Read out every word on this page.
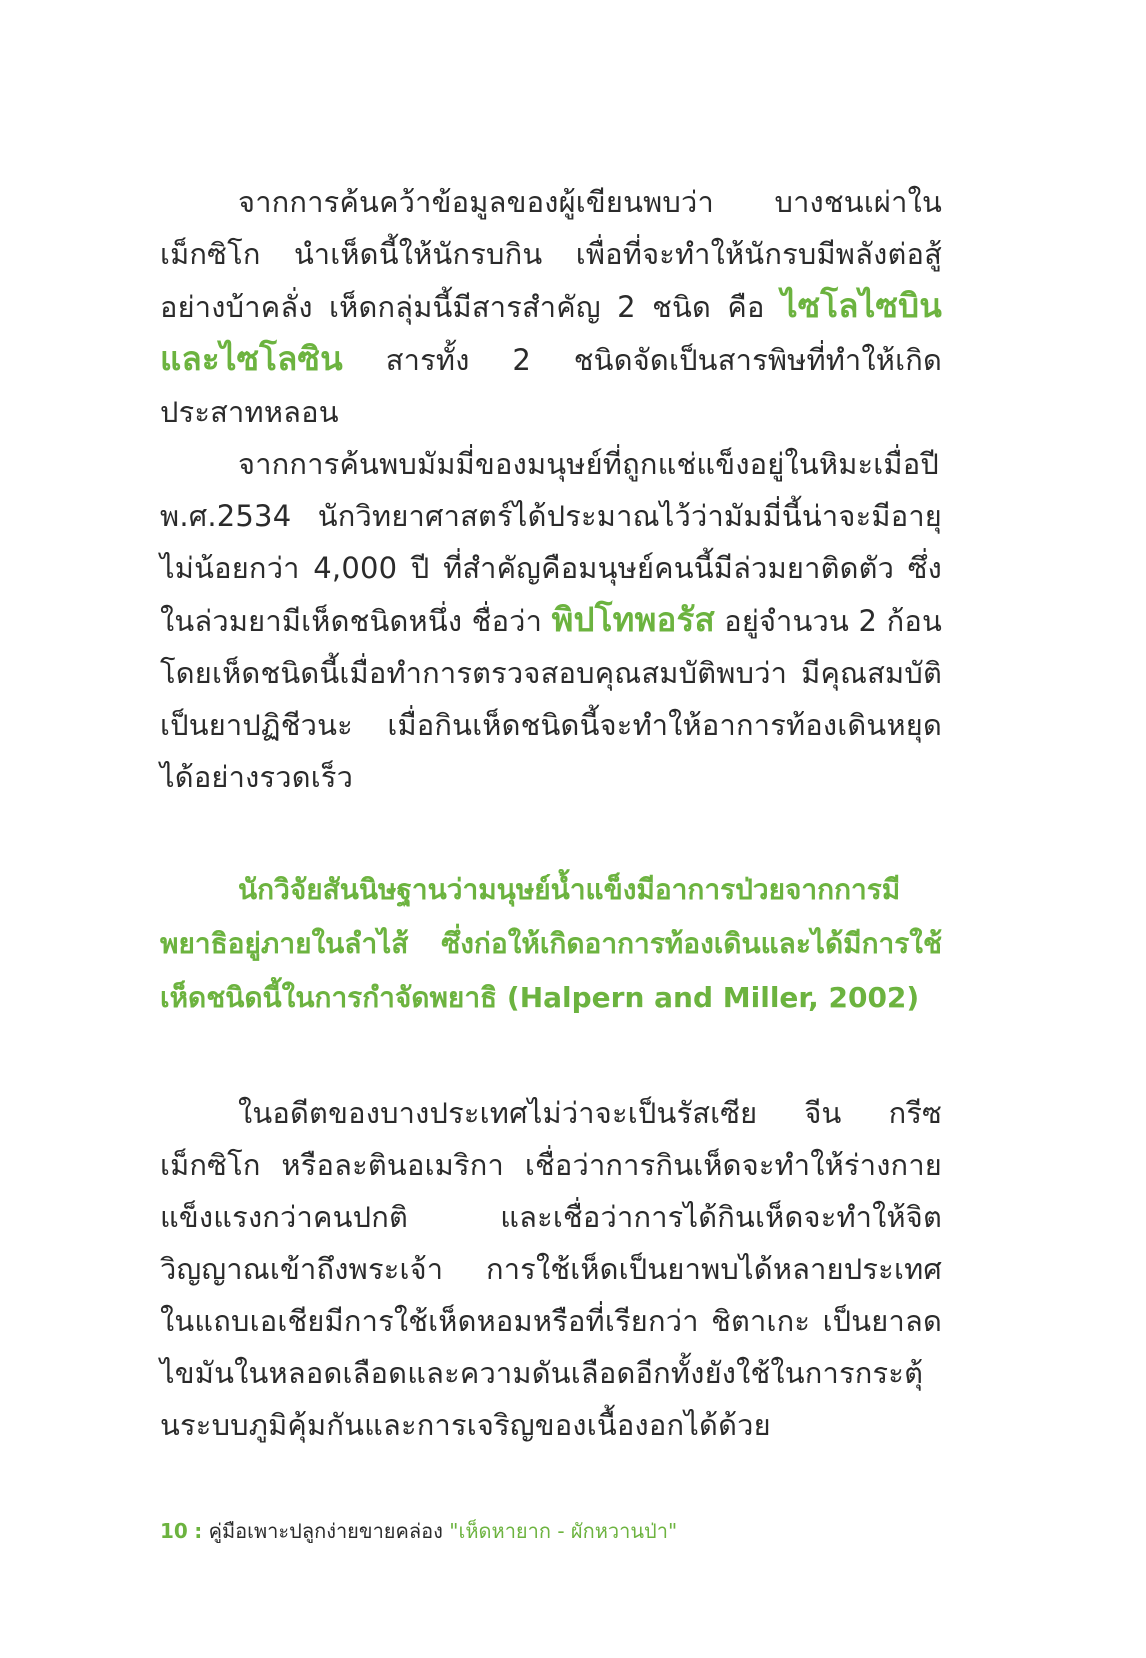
จากการค้นคว้าข้อมูลของผู้เขียนพบว่า บางชนเผ่าในเม็กซิโก นำเห็ดนี้ให้นักรบกิน เพื่อที่จะทำให้นักรบมีพลังต่อสู้อย่างบ้าคลั่ง เห็ดกลุ่มนี้มีสารสำคัญ 2 ชนิด คือ ไซโลไซบินและไซโลซิน สารทั้ง 2 ชนิดจัดเป็นสารพิษที่ทำให้เกิดประสาทหลอน

จากการค้นพบมัมมี่ของมนุษย์ที่ถูกแช่แข็งอยู่ในหิมะเมื่อปี พ.ศ.2534 นักวิทยาศาสตร์ได้ประมาณไว้ว่ามัมมี่นี้น่าจะมีอายุไม่น้อยกว่า 4,000 ปี ที่สำคัญคือมนุษย์คนนี้มีล่วมยาติดตัว ซึ่งในล่วมยามีเห็ดชนิดหนึ่ง ชื่อว่า พิปโทพอรัส อยู่จำนวน 2 ก้อน โดยเห็ดชนิดนี้เมื่อทำการตรวจสอบคุณสมบัติพบว่า มีคุณสมบัติเป็นยาปฏิชีวนะ เมื่อกินเห็ดชนิดนี้จะทำให้อาการท้องเดินหยุดได้อย่างรวดเร็ว

นักวิจัยสันนิษฐานว่ามนุษย์น้ำแข็งมีอาการป่วยจากการมีพยาธิอยู่ภายในลำไส้ ซึ่งก่อให้เกิดอาการท้องเดินและได้มีการใช้เห็ดชนิดนี้ในการกำจัดพยาธิ (Halpern and Miller, 2002)

ในอดีตของบางประเทศไม่ว่าจะเป็นรัสเซีย จีน กรีซ เม็กซิโก หรือละตินอเมริกา เชื่อว่าการกินเห็ดจะทำให้ร่างกายแข็งแรงกว่าคนปกติ และเชื่อว่าการได้กินเห็ดจะทำให้จิตวิญญาณเข้าถึงพระเจ้า การใช้เห็ดเป็นยาพบได้หลายประเทศ ในแถบเอเชียมีการใช้เห็ดหอมหรือที่เรียกว่า ชิตาเกะ เป็นยาลดไขมันในหลอดเลือดและความดันเลือดอีกทั้งยังใช้ในการกระตุ้นระบบภูมิคุ้มกันและการเจริญของเนื้องอกได้ด้วย

10 : คู่มือเพาะปลูกง่ายขายคล่อง "เห็ดหายาก - ผักหวานป่า"
